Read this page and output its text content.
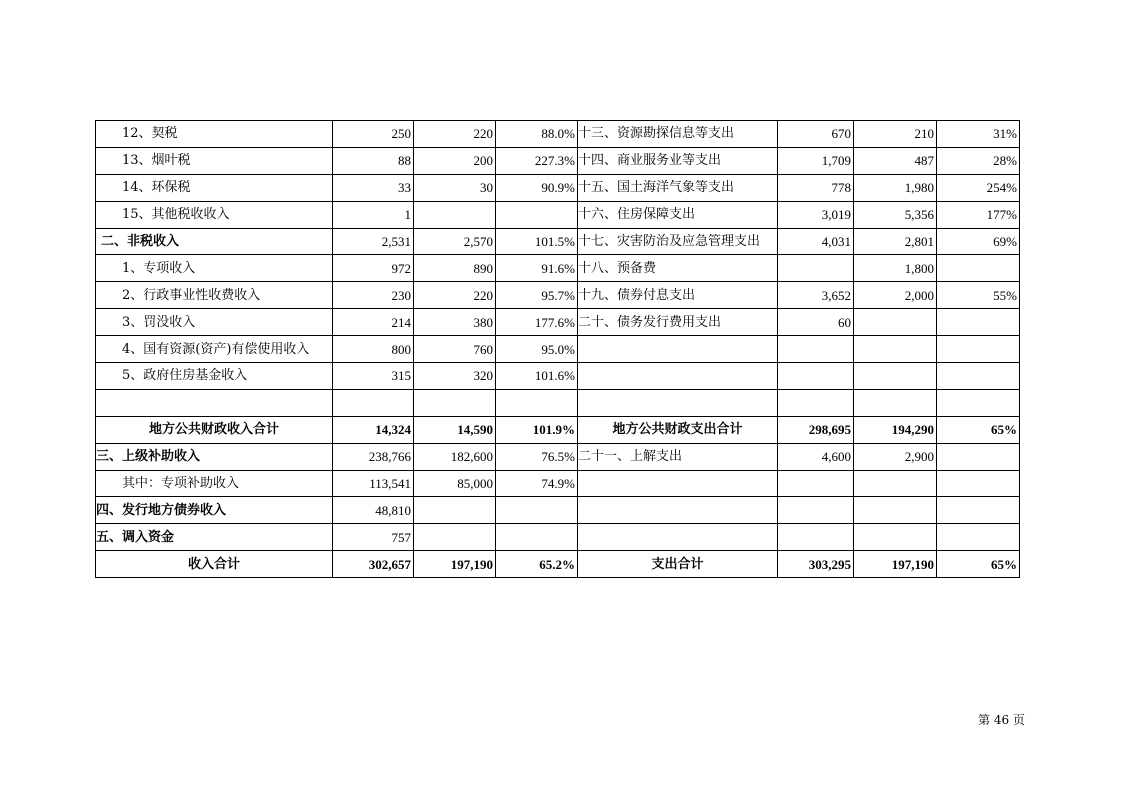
12、契税	250	220	88.0%	十三、资源勘探信息等支出	670	210	31%
13、烟叶税	88	200	227.3%	十四、商业服务业等支出	1,709	487	28%
14、环保税	33	30	90.9%	十五、国土海洋气象等支出	778	1,980	254%
15、其他税收收入	1			十六、住房保障支出	3,019	5,356	177%
二、非税收入	2,531	2,570	101.5%	十七、灾害防治及应急管理支出	4,031	2,801	69%
1、专项收入	972	890	91.6%	十八、预备费		1,800	
2、行政事业性收费收入	230	220	95.7%	十九、债券付息支出	3,652	2,000	55%
3、罚没收入	214	380	177.6%	二十、债务发行费用支出	60		
4、国有资源(资产)有偿使用收入	800	760	95.0%				
5、政府住房基金收入	315	320	101.6%				

地方公共财政收入合计	14,324	14,590	101.9%	地方公共财政支出合计	298,695	194,290	65%
三、上级补助收入	238,766	182,600	76.5%	二十一、上解支出	4,600	2,900	
其中：专项补助收入	113,541	85,000	74.9%				
四、发行地方债券收入	48,810						
五、调入资金	757						
收入合计	302,657	197,190	65.2%	支出合计	303,295	197,190	65%
第 46 页
